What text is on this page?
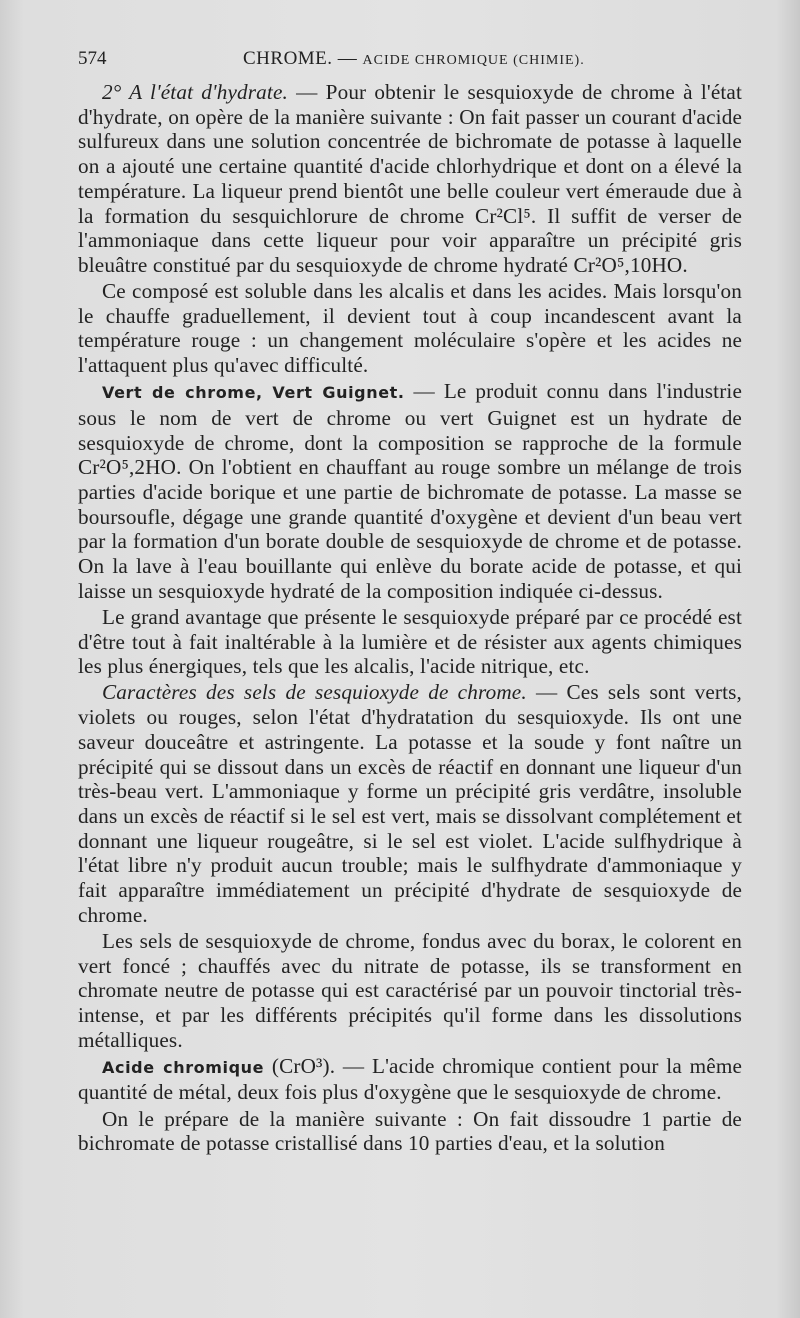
574	CHROME. — ACIDE CHROMIQUE (CHIMIE).

2° A l'état d'hydrate. — Pour obtenir le sesquioxyde de chrome à l'état d'hydrate, on opère de la manière suivante : On fait passer un courant d'acide sulfureux dans une solution concentrée de bichromate de potasse à laquelle on a ajouté une certaine quantité d'acide chlorhydrique et dont on a élevé la température. La liqueur prend bientôt une belle couleur vert émeraude due à la formation du sesquichlorure de chrome Cr²Cl⁵. Il suffit de verser de l'ammoniaque dans cette liqueur pour voir apparaître un précipité gris bleuâtre constitué par du sesquioxyde de chrome hydraté Cr²O⁵,10HO.

Ce composé est soluble dans les alcalis et dans les acides. Mais lorsqu'on le chauffe graduellement, il devient tout à coup incandescent avant la température rouge : un changement moléculaire s'opère et les acides ne l'attaquent plus qu'avec difficulté.

Vert de chrome, Vert Guignet. — Le produit connu dans l'industrie sous le nom de vert de chrome ou vert Guignet est un hydrate de sesquioxyde de chrome, dont la composition se rapproche de la formule Cr²O⁵,2HO. On l'obtient en chauffant au rouge sombre un mélange de trois parties d'acide borique et une partie de bichromate de potasse. La masse se boursoufle, dégage une grande quantité d'oxygène et devient d'un beau vert par la formation d'un borate double de sesquioxyde de chrome et de potasse. On la lave à l'eau bouillante qui enlève du borate acide de potasse, et qui laisse un sesquioxyde hydraté de la composition indiquée ci-dessus.

Le grand avantage que présente le sesquioxyde préparé par ce procédé est d'être tout à fait inaltérable à la lumière et de résister aux agents chimiques les plus énergiques, tels que les alcalis, l'acide nitrique, etc.

Caractères des sels de sesquioxyde de chrome. — Ces sels sont verts, violets ou rouges, selon l'état d'hydratation du sesquioxyde. Ils ont une saveur douceâtre et astringente. La potasse et la soude y font naître un précipité qui se dissout dans un excès de réactif en donnant une liqueur d'un très-beau vert. L'ammoniaque y forme un précipité gris verdâtre, insoluble dans un excès de réactif si le sel est vert, mais se dissolvant complétement et donnant une liqueur rougeâtre, si le sel est violet. L'acide sulfhydrique à l'état libre n'y produit aucun trouble; mais le sulfhydrate d'ammoniaque y fait apparaître immédiatement un précipité d'hydrate de sesquioxyde de chrome.

Les sels de sesquioxyde de chrome, fondus avec du borax, le colorent en vert foncé ; chauffés avec du nitrate de potasse, ils se transforment en chromate neutre de potasse qui est caractérisé par un pouvoir tinctorial très-intense, et par les différents précipités qu'il forme dans les dissolutions métalliques.

Acide chromique (CrO³). — L'acide chromique contient pour la même quantité de métal, deux fois plus d'oxygène que le sesquioxyde de chrome.

On le prépare de la manière suivante : On fait dissoudre 1 partie de bichromate de potasse cristallisé dans 10 parties d'eau, et la solution
